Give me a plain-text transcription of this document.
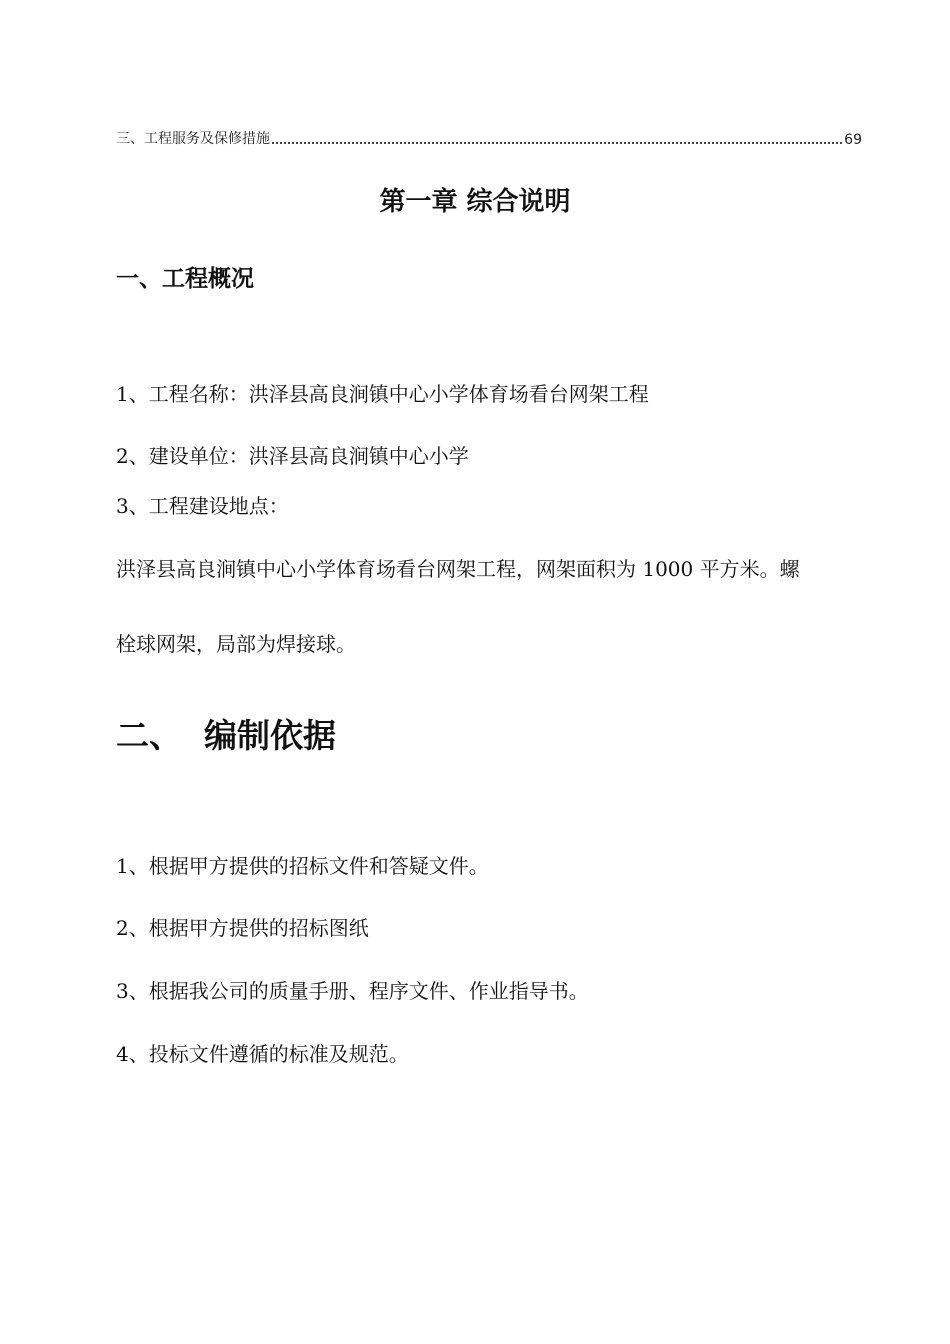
三、工程服务及保修措施	69
第一章 综合说明
一、工程概况
1、工程名称：洪泽县高良涧镇中心小学体育场看台网架工程
2、建设单位：洪泽县高良涧镇中心小学
3、工程建设地点：
洪泽县高良涧镇中心小学体育场看台网架工程，网架面积为 1000 平方米。螺
栓球网架，局部为焊接球。
二、 编制依据
1、根据甲方提供的招标文件和答疑文件。
2、根据甲方提供的招标图纸
3、根据我公司的质量手册、程序文件、作业指导书。
4、投标文件遵循的标准及规范。
